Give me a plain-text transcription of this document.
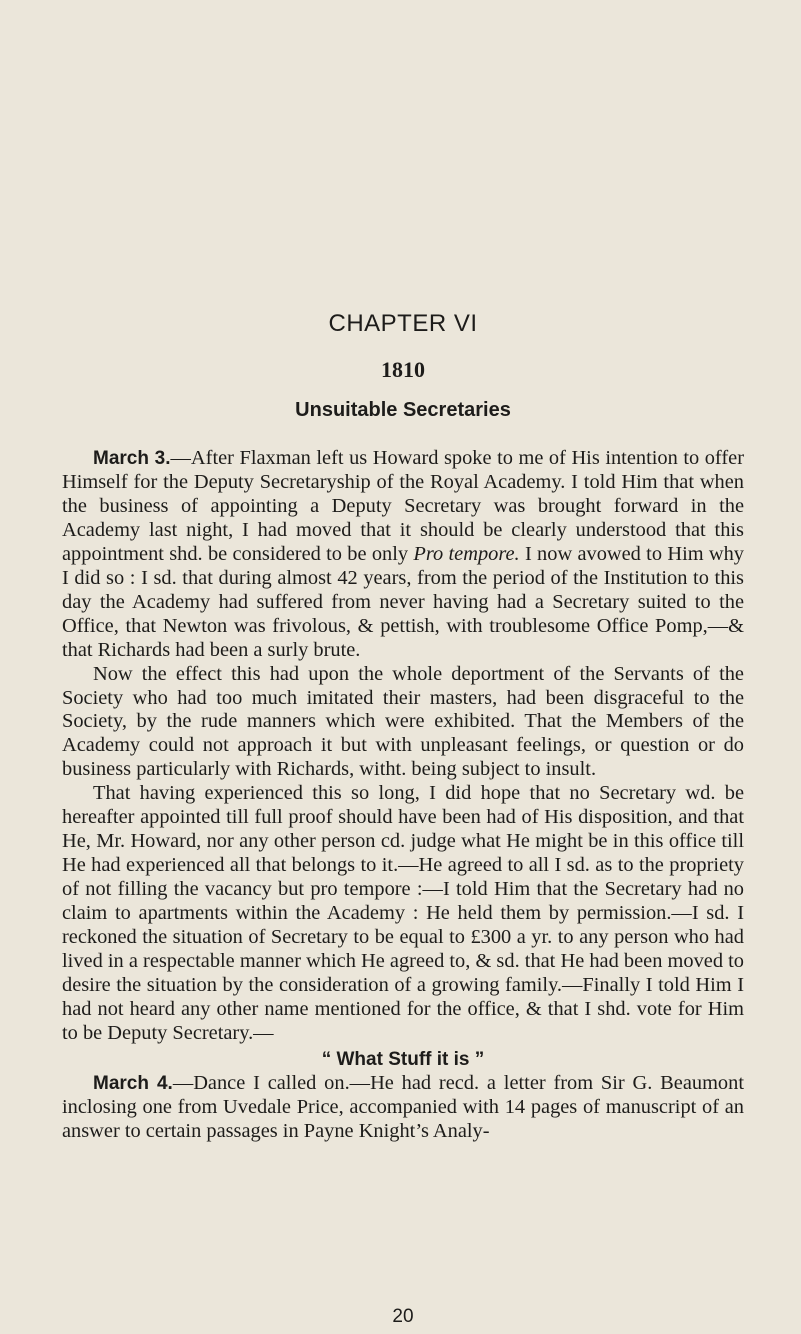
CHAPTER VI
1810
Unsuitable Secretaries

March 3.—After Flaxman left us Howard spoke to me of His intention to offer Himself for the Deputy Secretaryship of the Royal Academy. I told Him that when the business of appointing a Deputy Secretary was brought forward in the Academy last night, I had moved that it should be clearly understood that this appointment shd. be considered to be only Pro tempore. I now avowed to Him why I did so : I sd. that during almost 42 years, from the period of the Institution to this day the Academy had suffered from never having had a Secretary suited to the Office, that Newton was frivolous, & pettish, with troublesome Office Pomp,—& that Richards had been a surly brute.

Now the effect this had upon the whole deportment of the Servants of the Society who had too much imitated their masters, had been disgraceful to the Society, by the rude manners which were exhibited. That the Members of the Academy could not approach it but with unpleasant feelings, or question or do business particularly with Richards, witht. being subject to insult.

That having experienced this so long, I did hope that no Secretary wd. be hereafter appointed till full proof should have been had of His disposition, and that He, Mr. Howard, nor any other person cd. judge what He might be in this office till He had experienced all that belongs to it.—He agreed to all I sd. as to the propriety of not filling the vacancy but pro tempore :—I told Him that the Secretary had no claim to apartments within the Academy : He held them by permission.—I sd. I reckoned the situation of Secretary to be equal to £300 a yr. to any person who had lived in a respectable manner which He agreed to, & sd. that He had been moved to desire the situation by the consideration of a growing family.—Finally I told Him I had not heard any other name mentioned for the office, & that I shd. vote for Him to be Deputy Secretary.—

“ What Stuff it is ”

March 4.—Dance I called on.—He had recd. a letter from Sir G. Beaumont inclosing one from Uvedale Price, accompanied with 14 pages of manuscript of an answer to certain passages in Payne Knight’s Analy-

20
